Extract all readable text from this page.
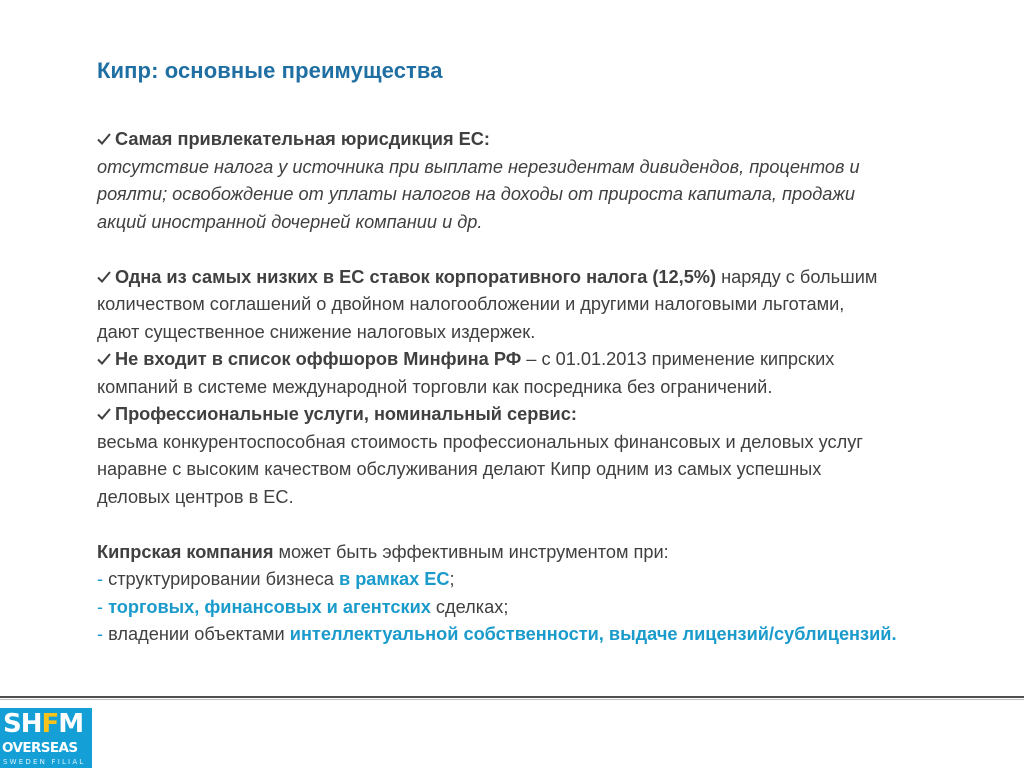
Кипр: основные преимущества

Самая привлекательная юрисдикция ЕС:

отсутствие налога у источника при выплате нерезидентам дивидендов, процентов и

роялти; освобождение от уплаты налогов на доходы от прироста капитала, продажи

акций иностранной дочерней компании и др.

Одна из самых низких в ЕС ставок корпоративного налога (12,5%) наряду с большим

количеством соглашений о двойном налогообложении и другими налоговыми льготами,

дают существенное снижение налоговых издержек.

Не входит в список оффшоров Минфина РФ – с 01.01.2013 применение кипрских

компаний в системе международной торговли как посредника без ограничений.

Профессиональные услуги, номинальный сервис:

весьма конкурентоспособная стоимость профессиональных финансовых и деловых услуг

наравне с высоким качеством обслуживания делают Кипр одним из самых успешных

деловых центров в ЕС.

Кипрская компания может быть эффективным инструментом при:

- структурировании бизнеса в рамках ЕС;

- торговых, финансовых и агентских сделках;

- владении объектами интеллектуальной собственности, выдаче лицензий/сублицензий.

SHFM
OVERSEAS
SWEDEN FILIAL
